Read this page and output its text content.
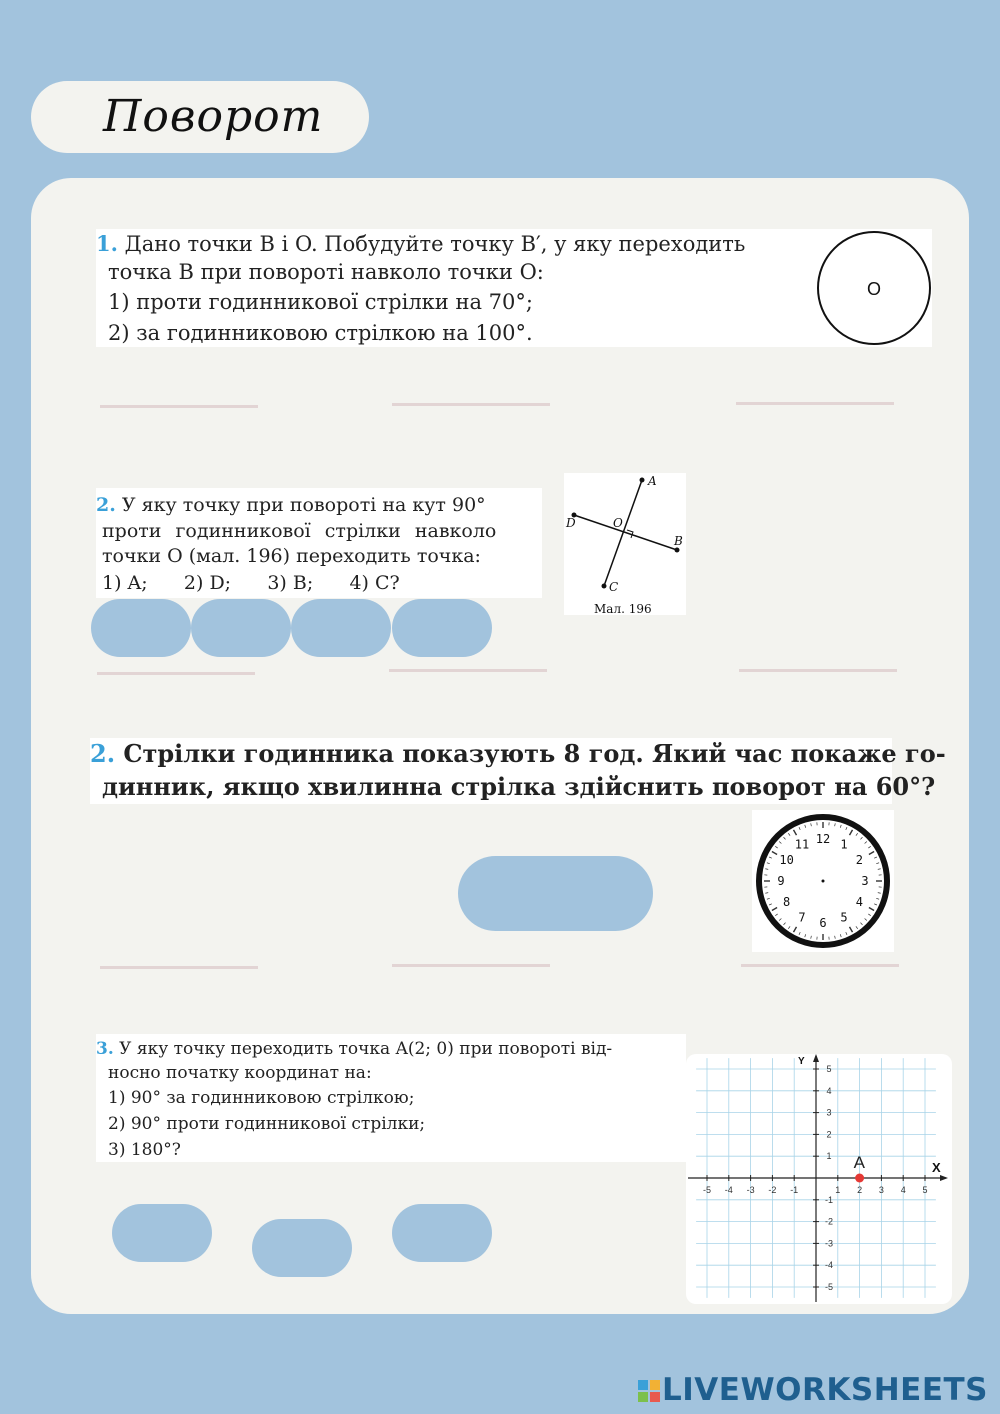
Поворот
1. Дано точки B і O. Побудуйте точку B′, у яку переходить
точка B при повороті навколо точки O:
1) проти годинникової стрілки на 70°;
2) за годинниковою стрілкою на 100°.
O
2. У яку точку при повороті на кут 90°
проти годинникової стрілки навколо
точки O (мал. 196) переходить точка:
1) A;      2) D;      3) B;      4) C?
A
D	O
B
C
Мал. 196
2. Стрілки годинника показують 8 год. Який час покаже го-
динник, якщо хвилинна стрілка здійснить поворот на 60°?
12 1
2
3
4
5
6
7
8
9
10
11
3. У яку точку переходить точка A(2; 0) при повороті від-
носно початку координат на:
1) 90° за годинниковою стрілкою;
2) 90° проти годинникової стрілки;
3) 180°?
-5 -4 -3 -2 -1	1 2 3 4 5
5
4
3
2
1
-1
-2
-3
-4
-5
X
Y
A
LIVEWORKSHEETS
